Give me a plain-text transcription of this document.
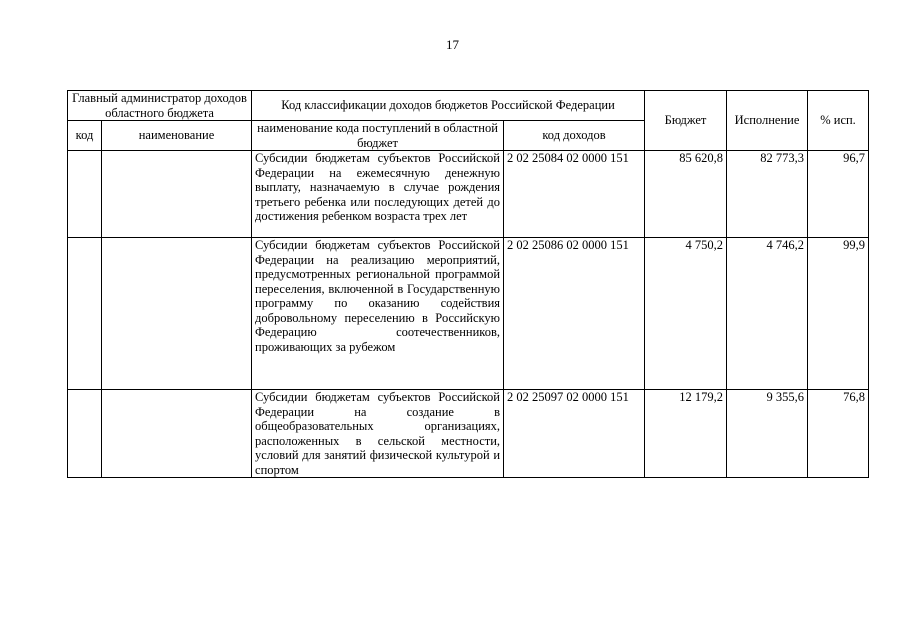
17
Главный администратор доходов областного бюджета		Код классификации доходов бюджетов Российской Федерации		Бюджет	Исполнение	% исп.
код	наименование	наименование кода поступлений в областной бюджет	код доходов			
		Субсидии бюджетам субъектов Российской Федерации на ежемесячную денежную выплату, назначаемую в случае рождения третьего ребенка или последующих детей до достижения ребенком возраста трех лет	2 02 25084 02 0000 151	85 620,8	82 773,3	96,7
		Субсидии бюджетам субъектов Российской Федерации на реализацию мероприятий, предусмотренных региональной программой переселения, включенной в Государственную программу по оказанию содействия добровольному переселению в Российскую Федерацию соотечественников, проживающих за рубежом	2 02 25086 02 0000 151	4 750,2	4 746,2	99,9
		Субсидии бюджетам субъектов Российской Федерации на создание в общеобразовательных организациях, расположенных в сельской местности, условий для занятий физической культурой и спортом	2 02 25097 02 0000 151	12 179,2	9 355,6	76,8
